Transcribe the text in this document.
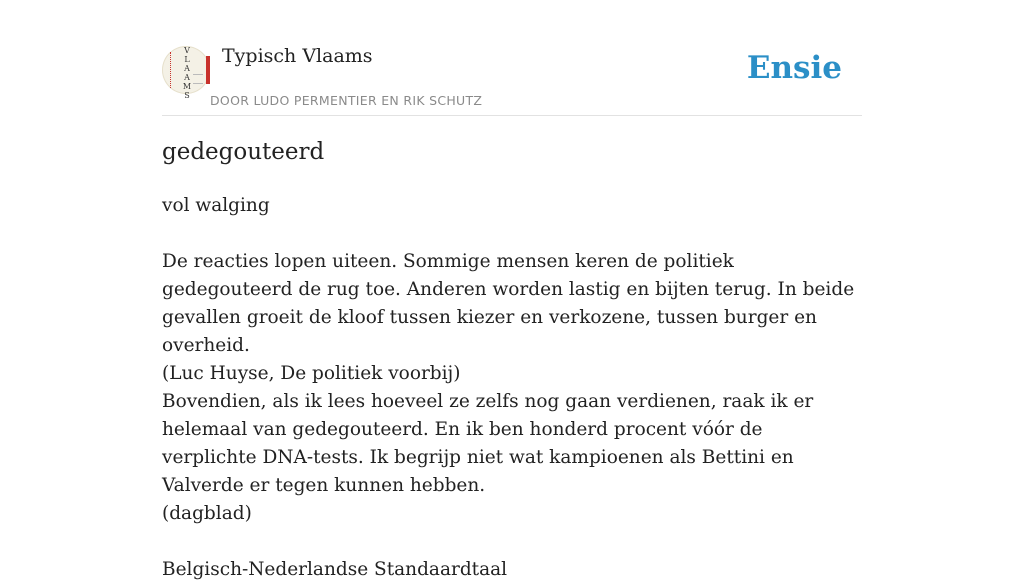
V
L
A
A
M
S
Typisch Vlaams
DOOR LUDO PERMENTIER EN RIK SCHUTZ
Ensie
gedegouteerd

vol walging

De reacties lopen uiteen. Sommige mensen keren de politiek gedegouteerd de rug toe. Anderen worden lastig en bijten terug. In beide gevallen groeit de kloof tussen kiezer en verkozene, tussen burger en overheid.

(Luc Huyse, De politiek voorbij)

Bovendien, als ik lees hoeveel ze zelfs nog gaan verdienen, raak ik er helemaal van gedegouteerd. En ik ben honderd procent vóór de verplichte DNA-tests. Ik begrijp niet wat kampioenen als Bettini en Valverde er tegen kunnen hebben.

(dagblad)

Belgisch-Nederlandse Standaardtaal
